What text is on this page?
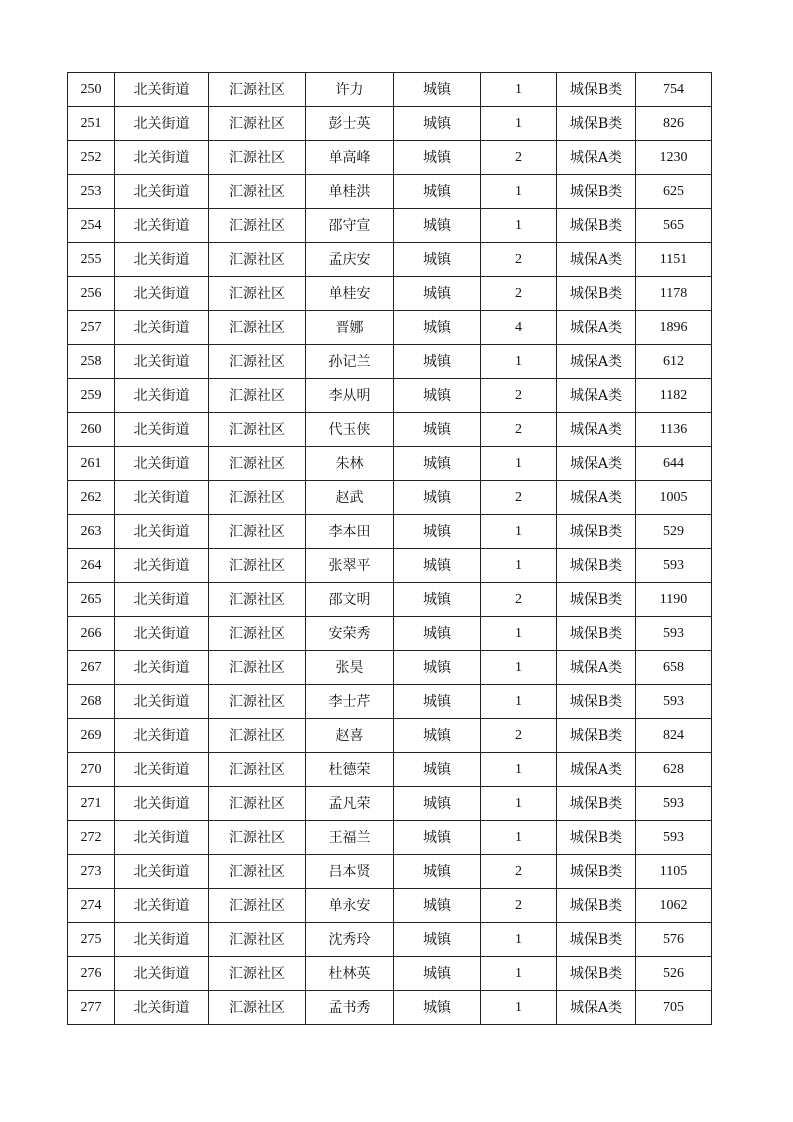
250	北关街道	汇源社区	许力	城镇	1	城保B类	754
251	北关街道	汇源社区	彭士英	城镇	1	城保B类	826
252	北关街道	汇源社区	单高峰	城镇	2	城保A类	1230
253	北关街道	汇源社区	单桂洪	城镇	1	城保B类	625
254	北关街道	汇源社区	邵守宣	城镇	1	城保B类	565
255	北关街道	汇源社区	孟庆安	城镇	2	城保A类	1151
256	北关街道	汇源社区	单桂安	城镇	2	城保B类	1178
257	北关街道	汇源社区	晋娜	城镇	4	城保A类	1896
258	北关街道	汇源社区	孙记兰	城镇	1	城保A类	612
259	北关街道	汇源社区	李从明	城镇	2	城保A类	1182
260	北关街道	汇源社区	代玉侠	城镇	2	城保A类	1136
261	北关街道	汇源社区	朱林	城镇	1	城保A类	644
262	北关街道	汇源社区	赵武	城镇	2	城保A类	1005
263	北关街道	汇源社区	李本田	城镇	1	城保B类	529
264	北关街道	汇源社区	张翠平	城镇	1	城保B类	593
265	北关街道	汇源社区	邵文明	城镇	2	城保B类	1190
266	北关街道	汇源社区	安荣秀	城镇	1	城保B类	593
267	北关街道	汇源社区	张昊	城镇	1	城保A类	658
268	北关街道	汇源社区	李士芹	城镇	1	城保B类	593
269	北关街道	汇源社区	赵喜	城镇	2	城保B类	824
270	北关街道	汇源社区	杜德荣	城镇	1	城保A类	628
271	北关街道	汇源社区	孟凡荣	城镇	1	城保B类	593
272	北关街道	汇源社区	王福兰	城镇	1	城保B类	593
273	北关街道	汇源社区	吕本贤	城镇	2	城保B类	1105
274	北关街道	汇源社区	单永安	城镇	2	城保B类	1062
275	北关街道	汇源社区	沈秀玲	城镇	1	城保B类	576
276	北关街道	汇源社区	杜林英	城镇	1	城保B类	526
277	北关街道	汇源社区	孟书秀	城镇	1	城保A类	705
